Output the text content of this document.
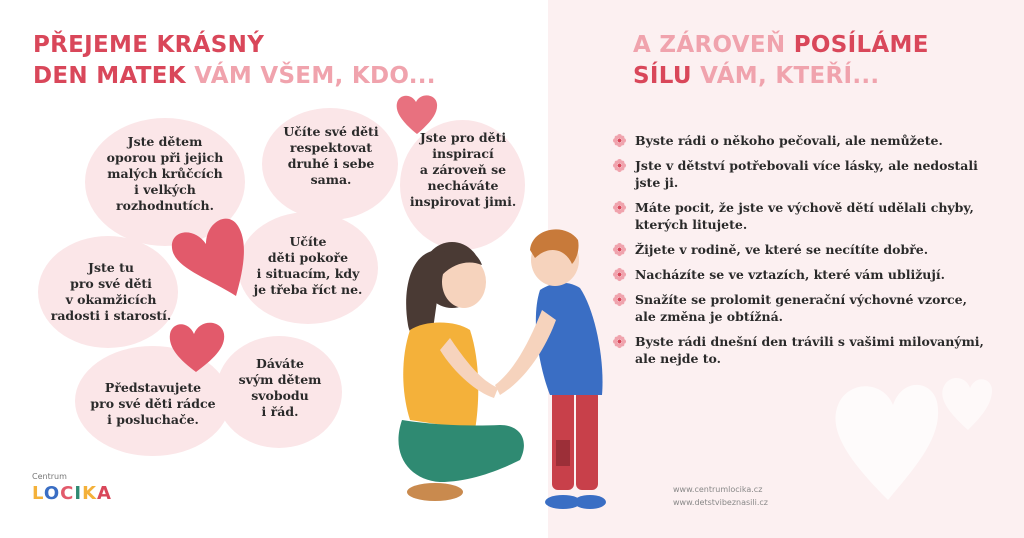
PŘEJEME KRÁSNÝ
DEN MATEK VÁM VŠEM, KDO...
A ZÁROVEŇ POSÍLÁME
SÍLU VÁM, KTEŘÍ...
Jste dětem
oporou při jejich
malých krůčcích
i velkých
rozhodnutích.
Učíte své děti
respektovat
druhé i sebe
sama.
Jste pro děti
inspirací
a zároveň se
necháváte
inspirovat jimi.
Jste tu
pro své děti
v okamžicích
radosti i starostí.
Učíte
děti pokoře
i situacím, kdy
je třeba říct ne.
Představujete
pro své děti rádce
i posluchače.
Dáváte
svým dětem
svobodu
i řád.
Byste rádi o někoho pečovali, ale nemůžete.
Jste v dětství potřebovali více lásky, ale nedostali jste ji.
Máte pocit, že jste ve výchově dětí udělali chyby, kterých litujete.
Žijete v rodině, ve které se necítíte dobře.
Nacházíte se ve vztazích, které vám ubližují.
Snažíte se prolomit generační výchovné vzorce, ale změna je obtížná.
Byste rádi dnešní den trávili s vašimi milovanými, ale nejde to.
Centrum
LOCIKA	www.centrumlocika.cz
www.detstvibeznasili.cz
